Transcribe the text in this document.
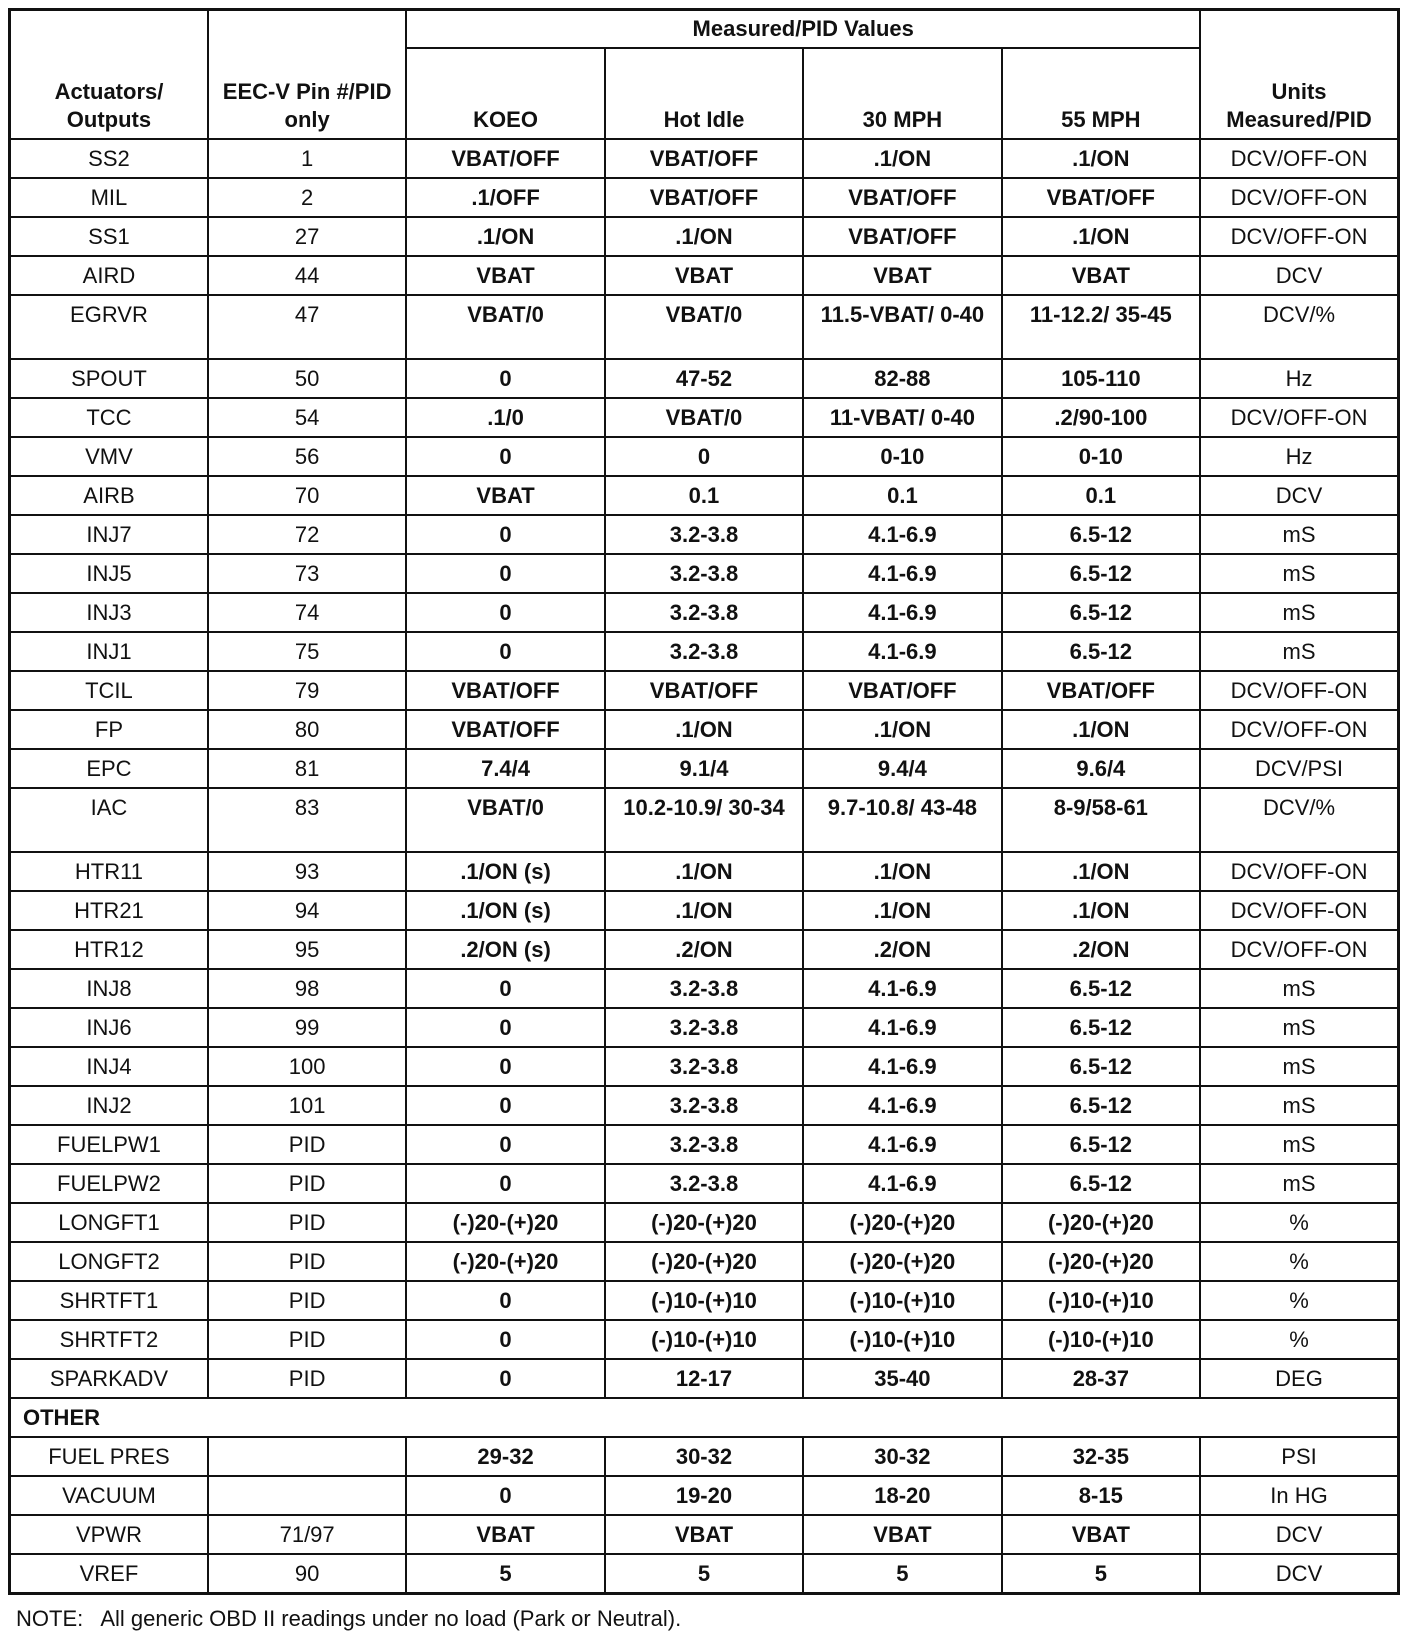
Actuators/ Outputs	EEC-V Pin #/PID only	Measured/PID Values				Units Measured/PID
		KOEO	Hot Idle	30 MPH	55 MPH	
SS2	1	VBAT/OFF	VBAT/OFF	.1/ON	.1/ON	DCV/OFF-ON
MIL	2	.1/OFF	VBAT/OFF	VBAT/OFF	VBAT/OFF	DCV/OFF-ON
SS1	27	.1/ON	.1/ON	VBAT/OFF	.1/ON	DCV/OFF-ON
AIRD	44	VBAT	VBAT	VBAT	VBAT	DCV
EGRVR	47	VBAT/0	VBAT/0	11.5-VBAT/ 0-40	11-12.2/ 35-45	DCV/%
SPOUT	50	0	47-52	82-88	105-110	Hz
TCC	54	.1/0	VBAT/0	11-VBAT/ 0-40	.2/90-100	DCV/OFF-ON
VMV	56	0	0	0-10	0-10	Hz
AIRB	70	VBAT	0.1	0.1	0.1	DCV
INJ7	72	0	3.2-3.8	4.1-6.9	6.5-12	mS
INJ5	73	0	3.2-3.8	4.1-6.9	6.5-12	mS
INJ3	74	0	3.2-3.8	4.1-6.9	6.5-12	mS
INJ1	75	0	3.2-3.8	4.1-6.9	6.5-12	mS
TCIL	79	VBAT/OFF	VBAT/OFF	VBAT/OFF	VBAT/OFF	DCV/OFF-ON
FP	80	VBAT/OFF	.1/ON	.1/ON	.1/ON	DCV/OFF-ON
EPC	81	7.4/4	9.1/4	9.4/4	9.6/4	DCV/PSI
IAC	83	VBAT/0	10.2-10.9/ 30-34	9.7-10.8/ 43-48	8-9/58-61	DCV/%
HTR11	93	.1/ON (s)	.1/ON	.1/ON	.1/ON	DCV/OFF-ON
HTR21	94	.1/ON (s)	.1/ON	.1/ON	.1/ON	DCV/OFF-ON
HTR12	95	.2/ON (s)	.2/ON	.2/ON	.2/ON	DCV/OFF-ON
INJ8	98	0	3.2-3.8	4.1-6.9	6.5-12	mS
INJ6	99	0	3.2-3.8	4.1-6.9	6.5-12	mS
INJ4	100	0	3.2-3.8	4.1-6.9	6.5-12	mS
INJ2	101	0	3.2-3.8	4.1-6.9	6.5-12	mS
FUELPW1	PID	0	3.2-3.8	4.1-6.9	6.5-12	mS
FUELPW2	PID	0	3.2-3.8	4.1-6.9	6.5-12	mS
LONGFT1	PID	(-)20-(+)20	(-)20-(+)20	(-)20-(+)20	(-)20-(+)20	%
LONGFT2	PID	(-)20-(+)20	(-)20-(+)20	(-)20-(+)20	(-)20-(+)20	%
SHRTFT1	PID	0	(-)10-(+)10	(-)10-(+)10	(-)10-(+)10	%
SHRTFT2	PID	0	(-)10-(+)10	(-)10-(+)10	(-)10-(+)10	%
SPARKADV	PID	0	12-17	35-40	28-37	DEG
OTHER						
FUEL PRES		29-32	30-32	30-32	32-35	PSI
VACUUM		0	19-20	18-20	8-15	In HG
VPWR	71/97	VBAT	VBAT	VBAT	VBAT	DCV
VREF	90	5	5	5	5	DCV
NOTE:   All generic OBD II readings under no load (Park or Neutral).
